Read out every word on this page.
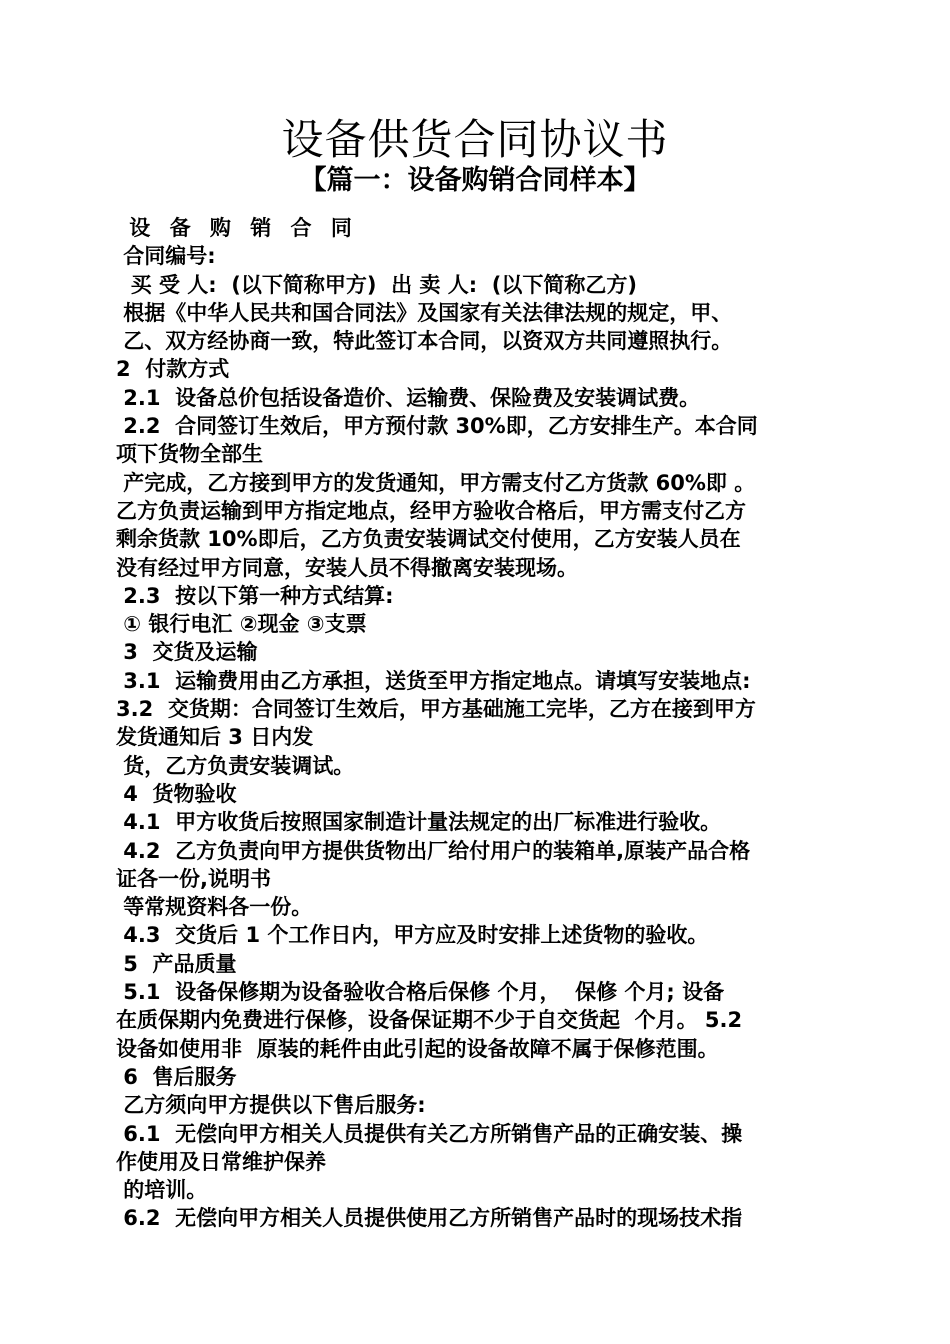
设备供货合同协议书
【篇一：设备购销合同样本】
设 备 购 销 合 同
合同编号:
买 受 人:  (以下简称甲方)  出 卖 人:  (以下简称乙方)
根据《中华人民共和国合同法》及国家有关法律法规的规定，甲、
乙、双方经协商一致，特此签订本合同，以资双方共同遵照执行。
2  付款方式
2.1  设备总价包括设备造价、运输费、保险费及安装调试费。
2.2  合同签订生效后，甲方预付款 30%即，乙方安排生产。本合同
项下货物全部生
产完成，乙方接到甲方的发货通知，甲方需支付乙方货款 60%即 。
乙方负责运输到甲方指定地点，经甲方验收合格后，甲方需支付乙方
剩余货款 10%即后，乙方负责安装调试交付使用，乙方安装人员在
没有经过甲方同意，安装人员不得撤离安装现场。
2.3  按以下第一种方式结算:
① 银行电汇 ②现金 ③支票
3  交货及运输
3.1  运输费用由乙方承担，送货至甲方指定地点。请填写安装地点:
3.2  交货期：合同签订生效后，甲方基础施工完毕，乙方在接到甲方
发货通知后 3 日内发
货，乙方负责安装调试。
4  货物验收
4.1  甲方收货后按照国家制造计量法规定的出厂标准进行验收。
4.2  乙方负责向甲方提供货物出厂给付用户的装箱单,原装产品合格
证各一份,说明书
等常规资料各一份。
4.3  交货后 1 个工作日内，甲方应及时安排上述货物的验收。
5  产品质量
5.1  设备保修期为设备验收合格后保修 个月，  保修 个月; 设备
在质保期内免费进行保修，设备保证期不少于自交货起  个月。 5.2
设备如使用非  原装的耗件由此引起的设备故障不属于保修范围。
6  售后服务
乙方须向甲方提供以下售后服务:
6.1  无偿向甲方相关人员提供有关乙方所销售产品的正确安装、操
作使用及日常维护保养
的培训。
6.2  无偿向甲方相关人员提供使用乙方所销售产品时的现场技术指
